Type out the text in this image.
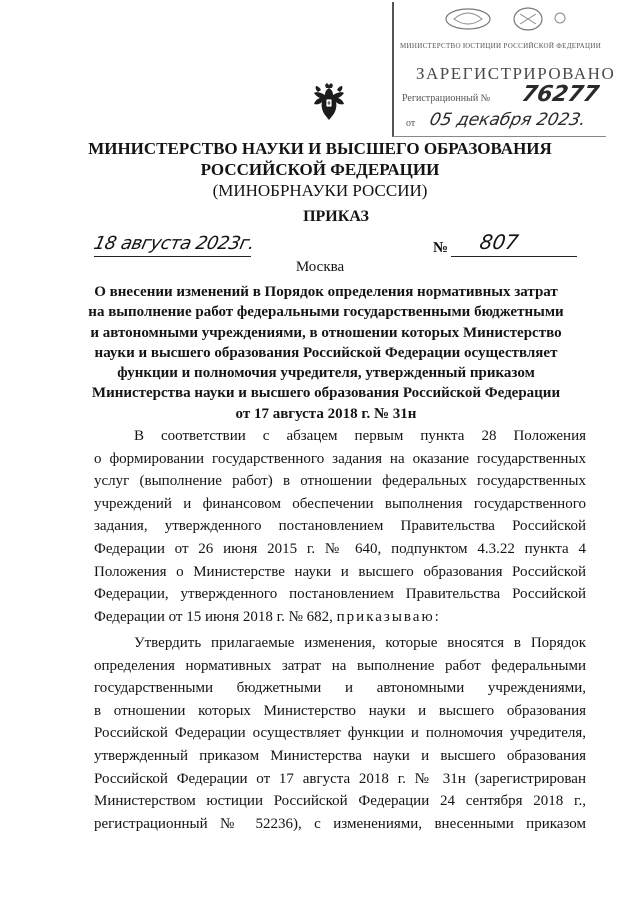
МИНИСТЕРСТВО ЮСТИЦИИ РОССИЙСКОЙ ФЕДЕРАЦИИ
ЗАРЕГИСТРИРОВАНО
Регистрационный № 76277
от 05 декабря 2023.
МИНИСТЕРСТВО НАУКИ И ВЫСШЕГО ОБРАЗОВАНИЯ
РОССИЙСКОЙ ФЕДЕРАЦИИ
(МИНОБРНАУКИ РОССИИ)
ПРИКАЗ
18 августа 2023г.	№ 807
Москва
О внесении изменений в Порядок определения нормативных затрат
на выполнение работ федеральными государственными бюджетными
и автономными учреждениями, в отношении которых Министерство
науки и высшего образования Российской Федерации осуществляет
функции и полномочия учредителя, утвержденный приказом
Министерства науки и высшего образования Российской Федерации
от 17 августа 2018 г. № 31н
В соответствии с абзацем первым пункта 28 Положения
о формировании государственного задания на оказание государственных
услуг (выполнение работ) в отношении федеральных государственных
учреждений и финансовом обеспечении выполнения государственного
задания, утвержденного постановлением Правительства Российской
Федерации от 26 июня 2015 г. № 640, подпунктом 4.3.22 пункта 4
Положения о Министерстве науки и высшего образования Российской
Федерации, утвержденного постановлением Правительства Российской
Федерации от 15 июня 2018 г. № 682, приказываю:
Утвердить прилагаемые изменения, которые вносятся в Порядок
определения нормативных затрат на выполнение работ федеральными
государственными бюджетными и автономными учреждениями,
в отношении которых Министерство науки и высшего образования
Российской Федерации осуществляет функции и полномочия учредителя,
утвержденный приказом Министерства науки и высшего образования
Российской Федерации от 17 августа 2018 г. № 31н (зарегистрирован
Министерством юстиции Российской Федерации 24 сентября 2018 г.,
регистрационный № 52236), с изменениями, внесенными приказом
